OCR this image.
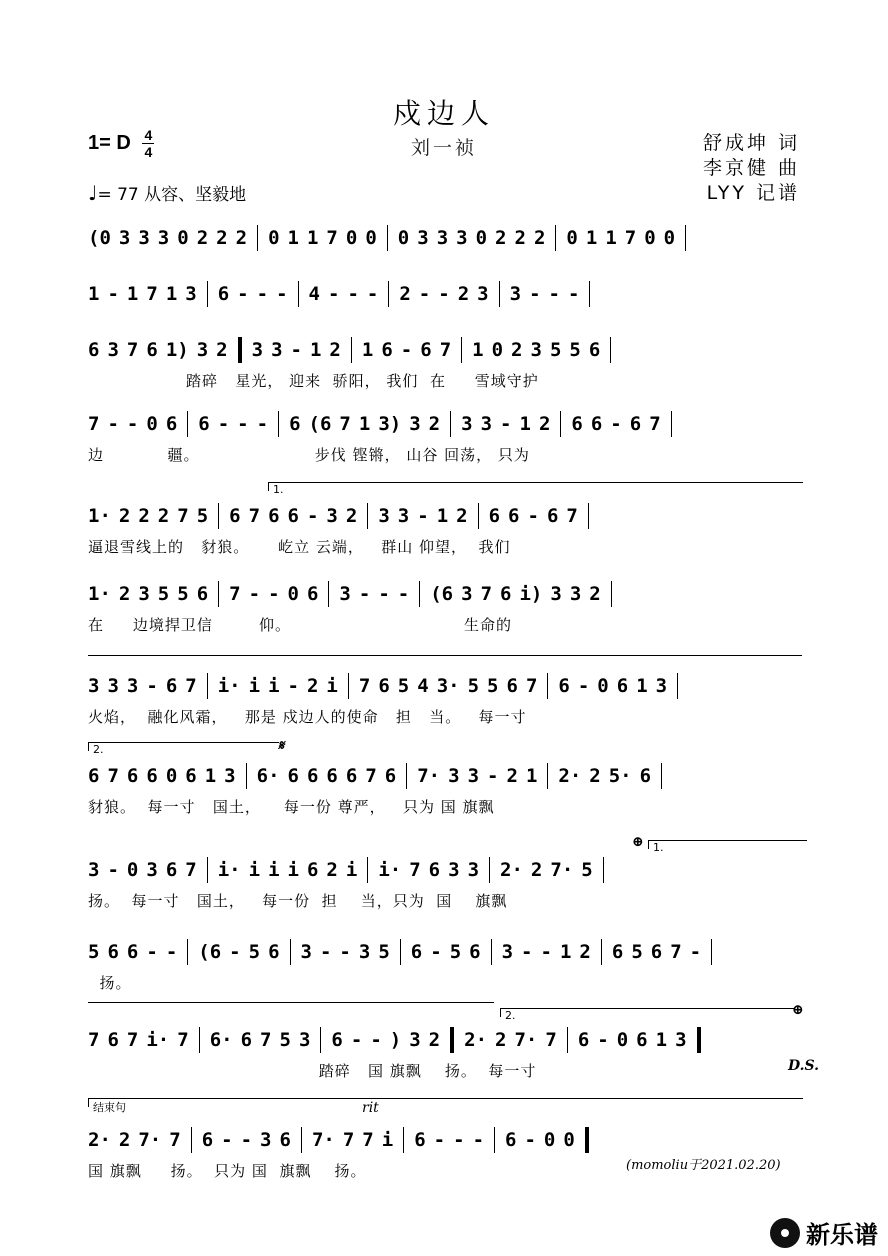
戍边人
刘一祯	舒成坤 词
李京健 曲
LYY 记谱
1= D $\frac{4}{4}$
♩= 77 从容、坚毅地
(0 3 3 3 0 2 2 2 0 1 1 7 0 0 0 3 3 3 0 2 2 2 0 1 1 7 0 0
1 - 1 7 1 3 6 - - - 4 - - - 2 - - 2 3 3 - - -
6 3 7 6 1) 3 2 3 3 - 1 2 1 6 - 6 7 1 0 2 3 5 5 6
踏碎   星光， 迎来  骄阳， 我们  在     雪域守护
7 - - 0 6 6 - - - 6 (6 7 1 3) 3 2 3 3 - 1 2 6 6 - 6 7
边           疆。                    步伐 铿锵， 山谷 回荡， 只为
1· 2 2 2 7 5 6 7 6 6 - 3 2 3 3 - 1 2 6 6 - 6 7
逼退雪线上的   豺狼。     屹立 云端，   群山 仰望，  我们
1· 2 3 5 5 6 7 - - 0 6 3 - - - (6 3 7 6 i) 3 3 2
在     边境捍卫信        仰。                              生命的
3 3 3 - 6 7 i· i i - 2 i 7 6 5 4 3· 5 5 6 7 6 - 0 6 1 3
火焰，  融化风霜，   那是 戍边人的使命   担   当。   每一寸
6 7 6 6 0 6 1 3 6· 6 6 6 6 7 6 7· 3 3 - 2 1 2· 2 5· 6
豺狼。  每一寸   国土，    每一份 尊严，   只为 国 旗飘
3 - 0 3 6 7 i· i i i 6 2 i i· 7 6 3 3 2· 2 7· 5
扬。  每一寸   国土，   每一份  担    当，只为  国    旗飘
5 6 6 - - (6 - 5 6 3 - - 3 5 6 - 5 6 3 - - 1 2 6 5 6 7 -
扬。
7 6 7 i· 7 6· 6 7 5 3 6 - - ) 3 2 2· 2 7· 7 6 - 0 6 1 3
踏碎   国 旗飘    扬。  每一寸
2· 2 7· 7 6 - - 3 6 7· 7 7 i 6 - - - 6 - 0 0
国 旗飘     扬。  只为 国  旗飘    扬。
1.
2.	𝄋
⊕ 1.
2.	⊕
D.S.
结束句	rit
(momoliu于2021.02.20)
新乐谱
